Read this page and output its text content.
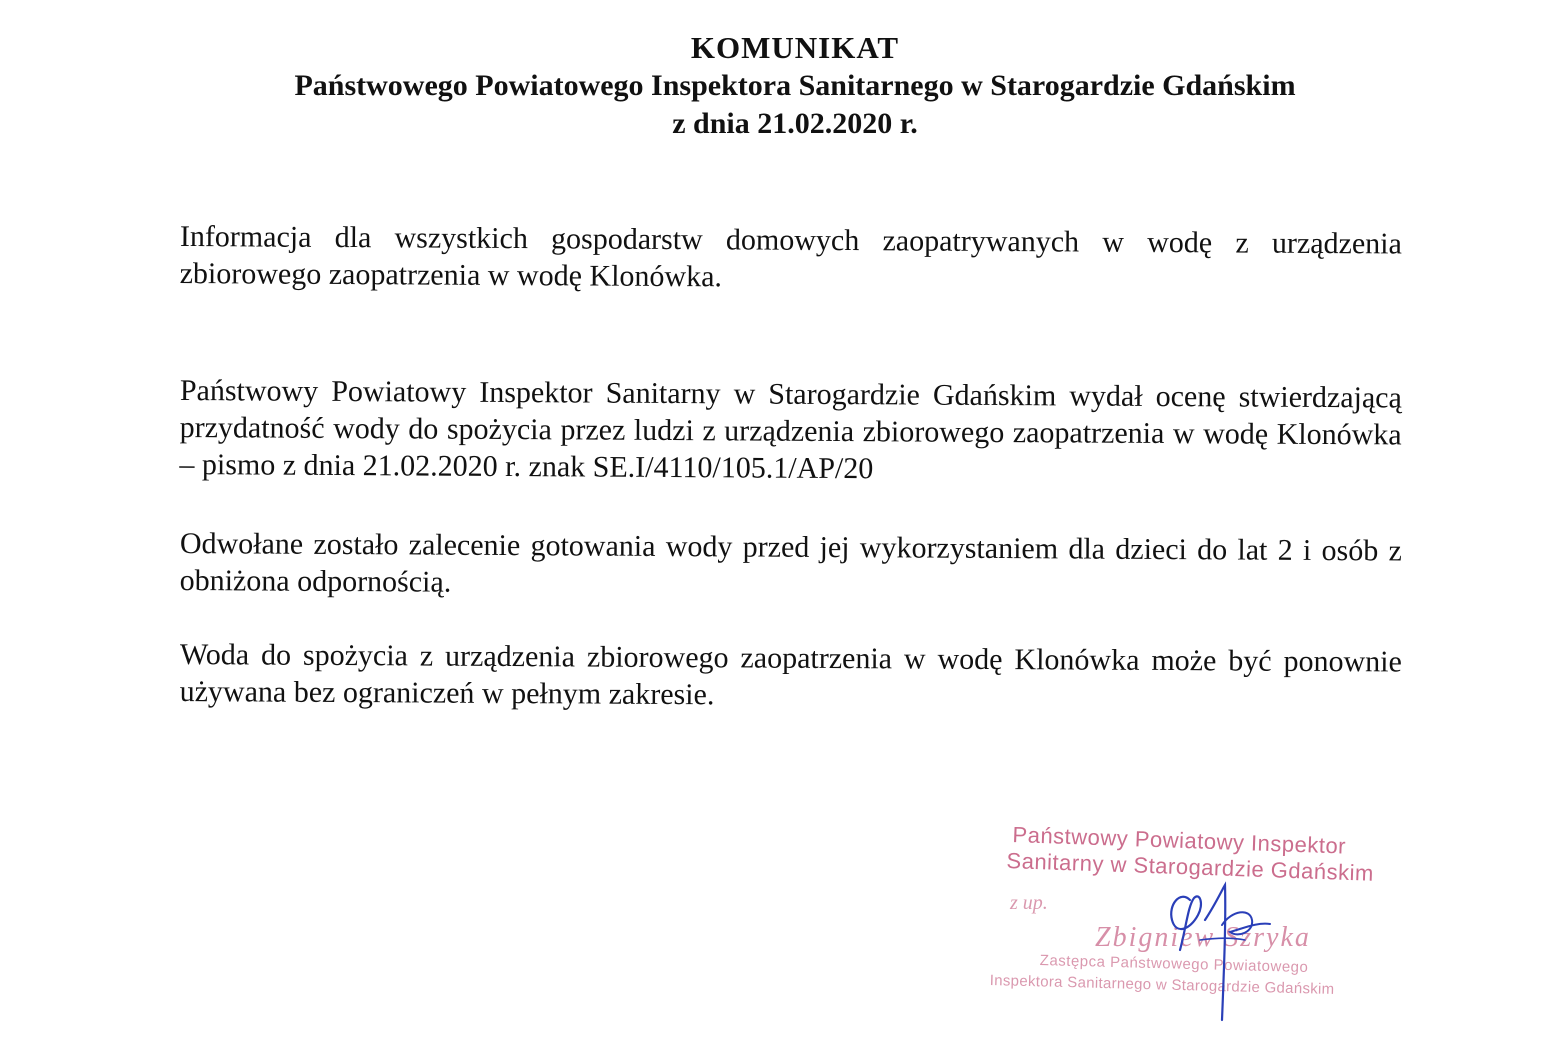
KOMUNIKAT
Państwowego Powiatowego Inspektora Sanitarnego w Starogardzie Gdańskim
z dnia 21.02.2020 r.
Informacja dla wszystkich gospodarstw domowych zaopatrywanych w wodę z urządzenia zbiorowego zaopatrzenia w wodę Klonówka.
Państwowy Powiatowy Inspektor Sanitarny w Starogardzie Gdańskim wydał ocenę stwierdzającą przydatność wody do spożycia przez ludzi z urządzenia zbiorowego zaopatrzenia w wodę Klonówka – pismo z dnia 21.02.2020 r. znak SE.I/4110/105.1/AP/20
Odwołane zostało zalecenie gotowania wody przed jej wykorzystaniem dla dzieci do lat 2 i osób z obniżona odpornością.
Woda do spożycia z urządzenia zbiorowego zaopatrzenia w wodę Klonówka może być ponownie używana bez ograniczeń w pełnym zakresie.
Państwowy Powiatowy Inspektor
Sanitarny w Starogardzie Gdańskim
z up.
Zbigniew Szryka
Zastępca Państwowego Powiatowego
Inspektora Sanitarnego w Starogardzie Gdańskim
